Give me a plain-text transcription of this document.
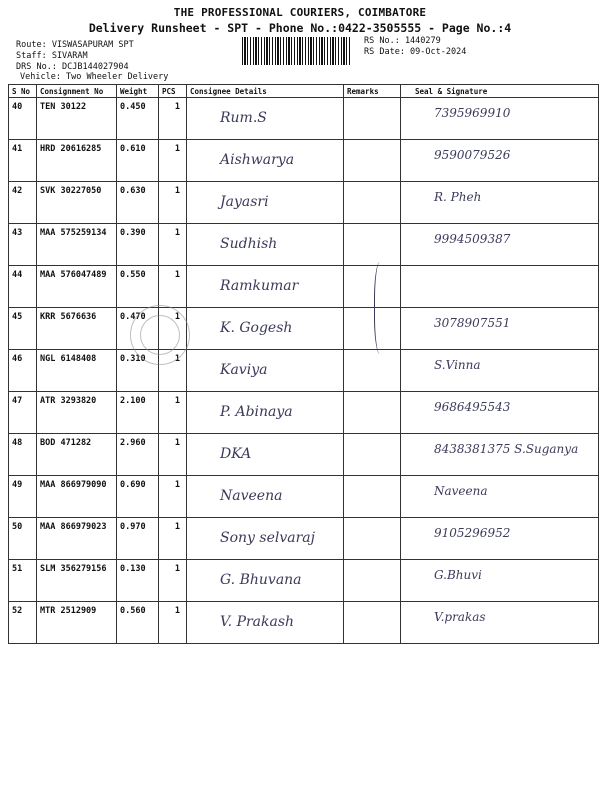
THE PROFESSIONAL COURIERS, COIMBATORE
Delivery Runsheet - SPT - Phone No.:0422-3505555 - Page No.:4
Route: VISWASAPURAM SPT
Staff: SIVARAM
DRS No.: DCJB144027904
Vehicle: Two Wheeler Delivery
RS No.: 1440279
RS Date: 09-Oct-2024
S No	Consignment No	Weight	PCS	Consignee Details	Remarks	Seal & Signature
40	TEN 30122	0.450	1	Rum.S		7395969910
41	HRD 20616285	0.610	1	Aishwarya		9590079526
42	SVK 30227050	0.630	1	Jayasri		R. Pheh
43	MAA 575259134	0.390	1	Sudhish		9994509387
44	MAA 576047489	0.550	1	Ramkumar		
45	KRR 5676636	0.470	1	K. Gogesh		3078907551
46	NGL 6148408	0.310	1	Kaviya		S.Vinna
47	ATR 3293820	2.100	1	P. Abinaya		9686495543
48	BOD 471282	2.960	1	DKA		8438381375 S.Suganya
49	MAA 866979090	0.690	1	Naveena		Naveena
50	MAA 866979023	0.970	1	Sony selvaraj		9105296952
51	SLM 356279156	0.130	1	G. Bhuvana		G.Bhuvi
52	MTR 2512909	0.560	1	V. Prakash		V.prakas
